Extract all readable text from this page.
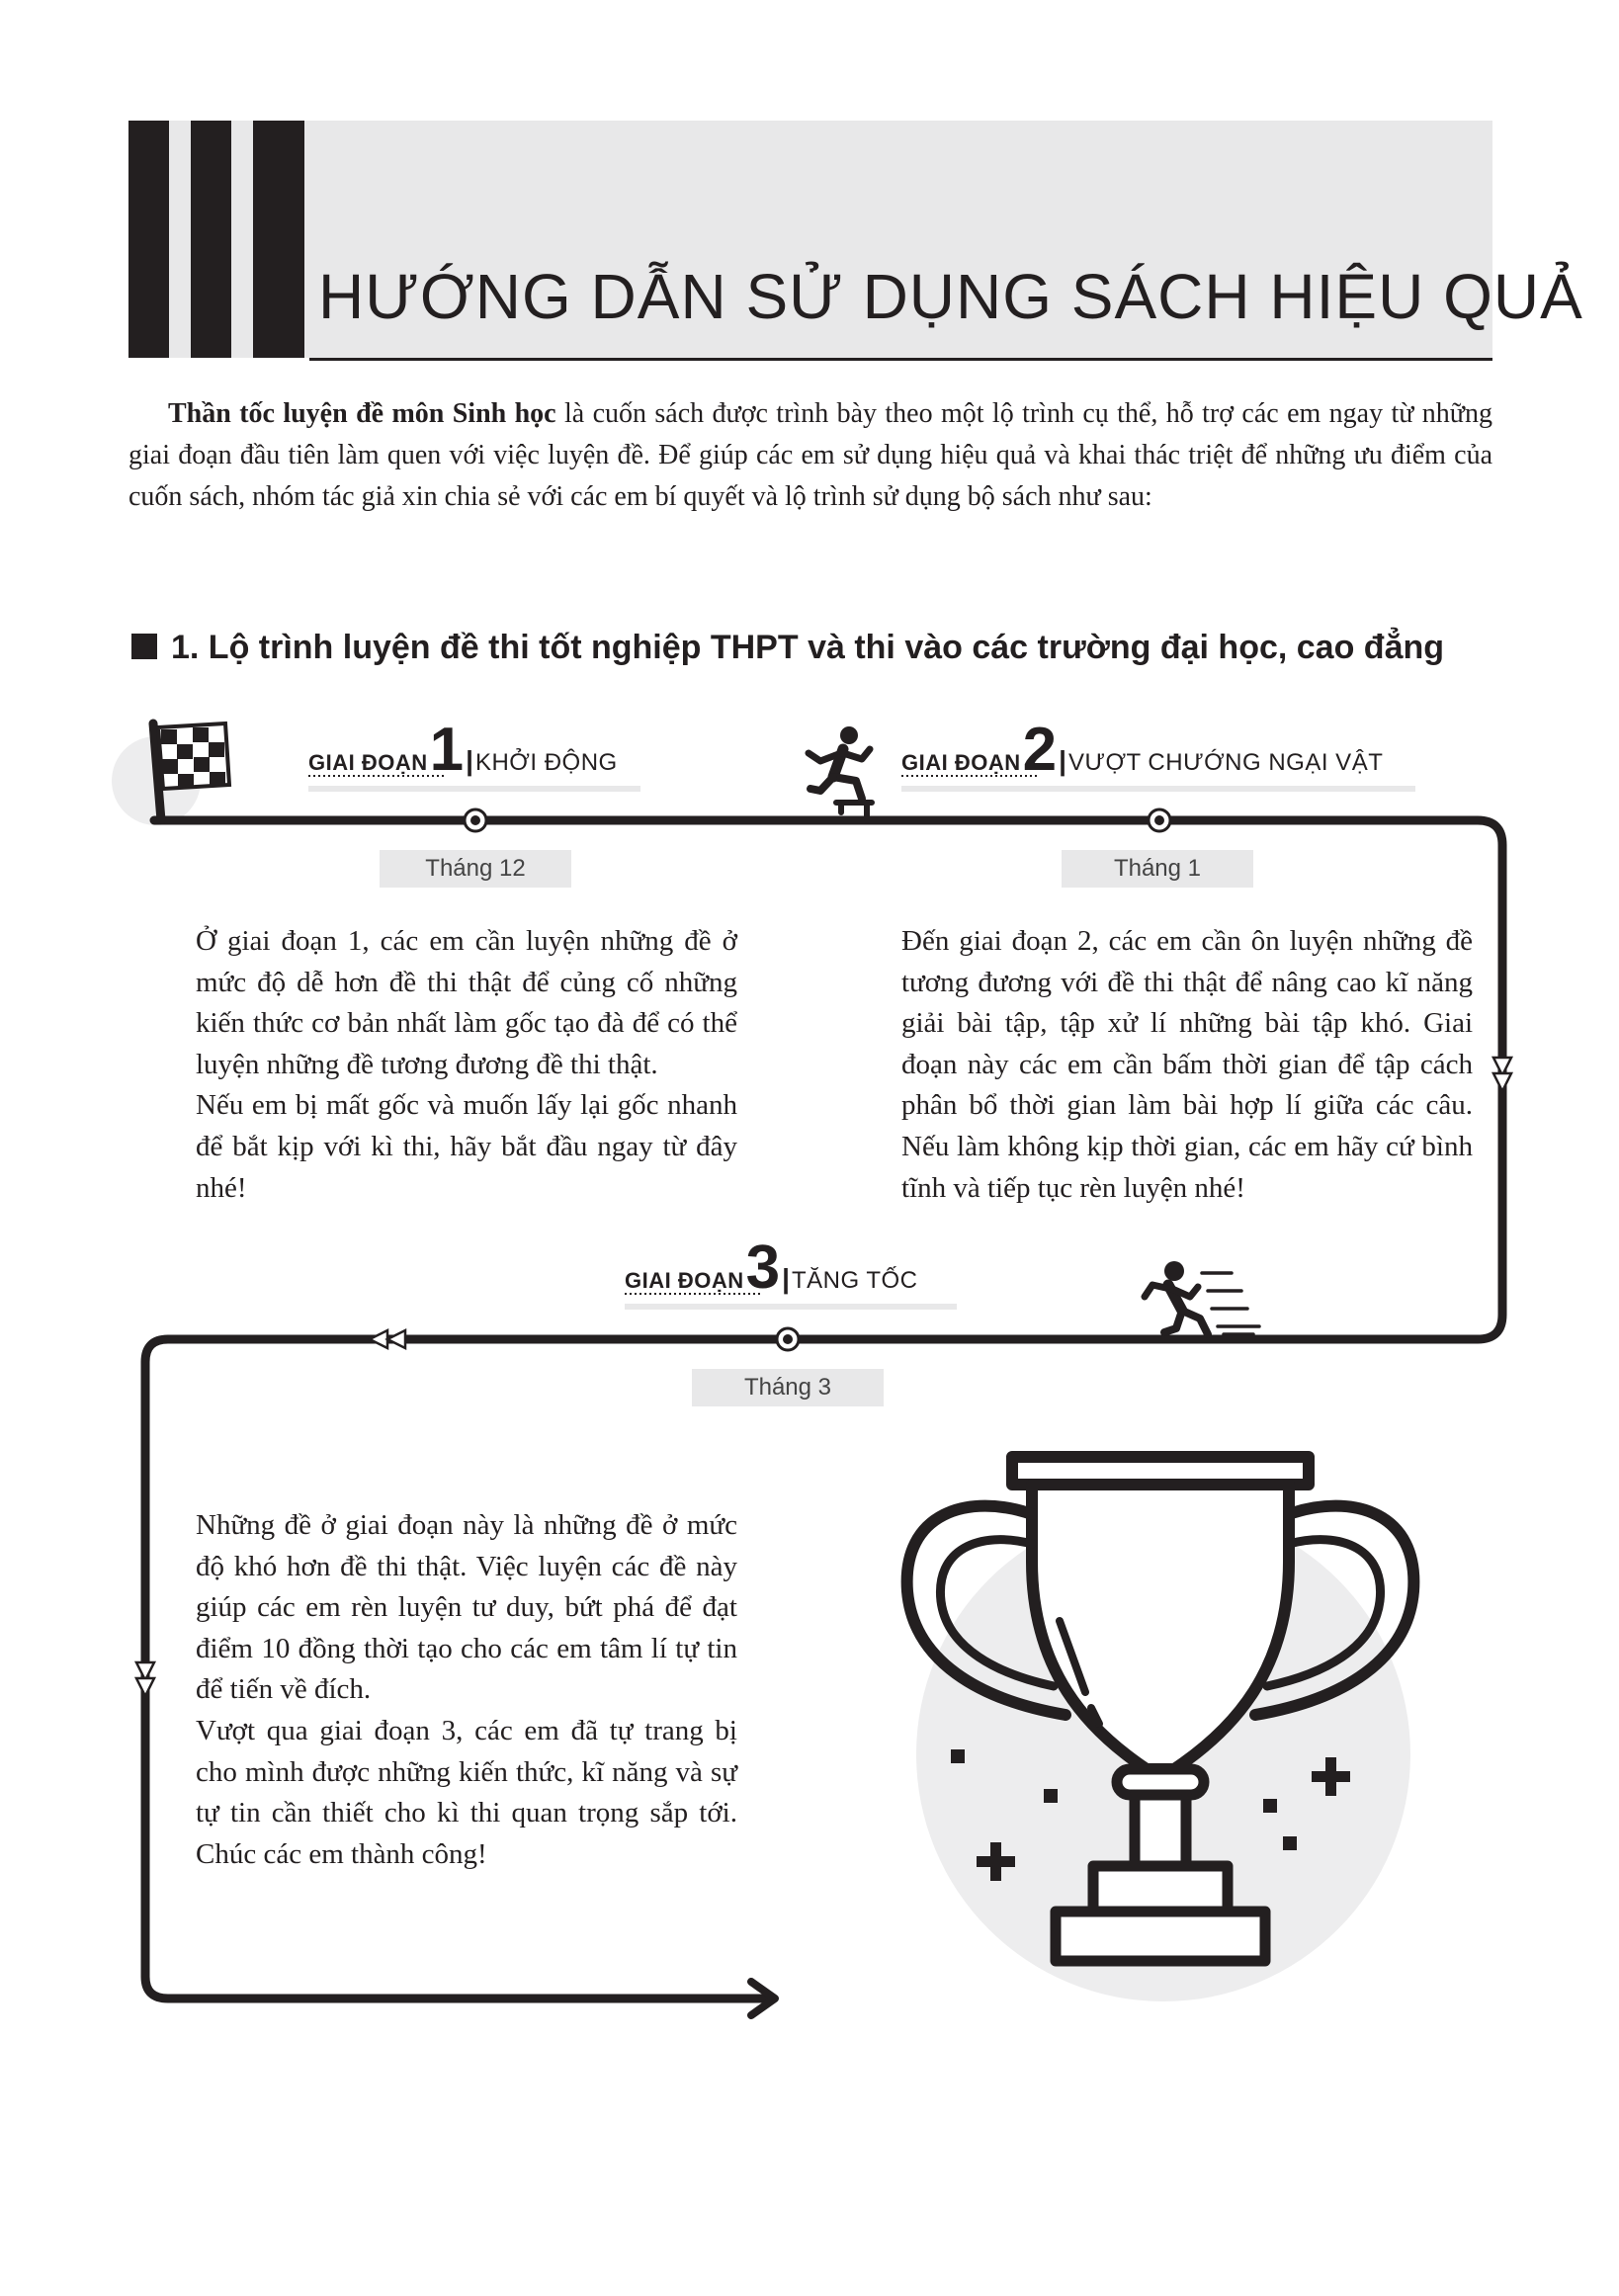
HƯỚNG DẪN SỬ DỤNG SÁCH HIỆU QUẢ

Thần tốc luyện đề môn Sinh học là cuốn sách được trình bày theo một lộ trình cụ thể, hỗ trợ các em ngay từ những giai đoạn đầu tiên làm quen với việc luyện đề. Để giúp các em sử dụng hiệu quả và khai thác triệt để những ưu điểm của cuốn sách, nhóm tác giả xin chia sẻ với các em bí quyết và lộ trình sử dụng bộ sách như sau:

1. Lộ trình luyện đề thi tốt nghiệp THPT và thi vào các trường đại học, cao đẳng
GIAI ĐOẠN1|KHỞI ĐỘNG
Tháng 12
Ở giai đoạn 1, các em cần luyện những đề ở mức độ dễ hơn đề thi thật để củng cố những kiến thức cơ bản nhất làm gốc tạo đà để có thể luyện những đề tương đương đề thi thật.
Nếu em bị mất gốc và muốn lấy lại gốc nhanh để bắt kịp với kì thi, hãy bắt đầu ngay từ đây nhé!
GIAI ĐOẠN2|VƯỢT CHƯỚNG NGẠI VẬT
Tháng 1
Đến giai đoạn 2, các em cần ôn luyện những đề tương đương với đề thi thật để nâng cao kĩ năng giải bài tập, tập xử lí những bài tập khó. Giai đoạn này các em cần bấm thời gian để tập cách phân bổ thời gian làm bài hợp lí giữa các câu. Nếu làm không kịp thời gian, các em hãy cứ bình tĩnh và tiếp tục rèn luyện nhé!
GIAI ĐOẠN3|TĂNG TỐC
Tháng 3
Những đề ở giai đoạn này là những đề ở mức độ khó hơn đề thi thật. Việc luyện các đề này giúp các em rèn luyện tư duy, bứt phá để đạt điểm 10 đồng thời tạo cho các em tâm lí tự tin để tiến về đích.
Vượt qua giai đoạn 3, các em đã tự trang bị cho mình được những kiến thức, kĩ năng và sự tự tin cần thiết cho kì thi quan trọng sắp tới. Chúc các em thành công!
